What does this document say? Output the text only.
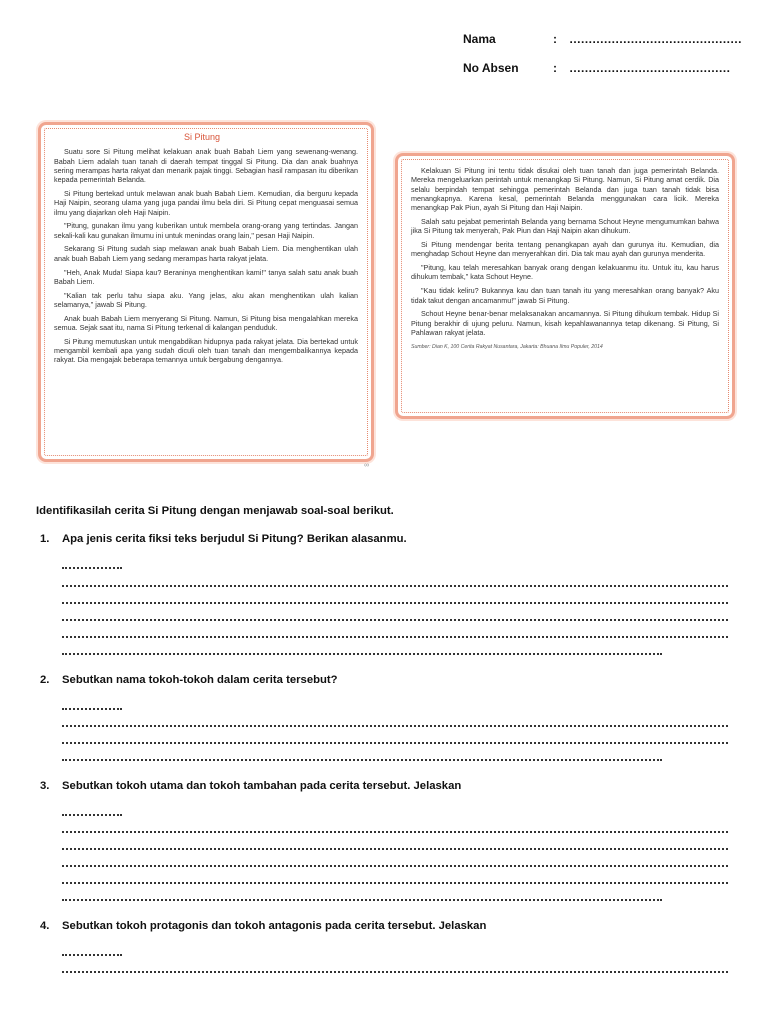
Nama	: ………………………………………
No Absen	: ……………………………………
Si Pitung

Suatu sore Si Pitung melihat kelakuan anak buah Babah Liem yang sewenang-wenang. Babah Liem adalah tuan tanah di daerah tempat tinggal Si Pitung. Dia dan anak buahnya sering merampas harta rakyat dan menarik pajak tinggi. Sebagian hasil rampasan itu diberikan kepada pemerintah Belanda.

Si Pitung bertekad untuk melawan anak buah Babah Liem. Kemudian, dia berguru kepada Haji Naipin, seorang ulama yang juga pandai ilmu bela diri. Si Pitung cepat menguasai semua ilmu yang diajarkan oleh Haji Naipin.

"Pitung, gunakan ilmu yang kuberikan untuk membela orang-orang yang tertindas. Jangan sekali-kali kau gunakan ilmumu ini untuk menindas orang lain," pesan Haji Naipin.

Sekarang Si Pitung sudah siap melawan anak buah Babah Liem. Dia menghentikan ulah anak buah Babah Liem yang sedang merampas harta rakyat jelata.

"Heh, Anak Muda! Siapa kau? Beraninya menghentikan kami!" tanya salah satu anak buah Babah Liem.

"Kalian tak perlu tahu siapa aku. Yang jelas, aku akan menghentikan ulah kalian selamanya," jawab Si Pitung.

Anak buah Babah Liem menyerang Si Pitung. Namun, Si Pitung bisa mengalahkan mereka semua. Sejak saat itu, nama Si Pitung terkenal di kalangan penduduk.

Si Pitung memutuskan untuk mengabdikan hidupnya pada rakyat jelata. Dia bertekad untuk mengambil kembali apa yang sudah diculi oleh tuan tanah dan mengembalikannya kepada rakyat. Dia mengajak beberapa temannya untuk bergabung dengannya.

∞

Kelakuan Si Pitung ini tentu tidak disukai oleh tuan tanah dan juga pemerintah Belanda. Mereka mengeluarkan perintah untuk menangkap Si Pitung. Namun, Si Pitung amat cerdik. Dia selalu berpindah tempat sehingga pemerintah Belanda dan juga tuan tanah tidak bisa menangkapnya. Karena kesal, pemerintah Belanda menggunakan cara licik. Mereka menangkap Pak Piun, ayah Si Pitung dan Haji Naipin.

Salah satu pejabat pemerintah Belanda yang bernama Schout Heyne mengumumkan bahwa jika Si Pitung tak menyerah, Pak Piun dan Haji Naipin akan dihukum.

Si Pitung mendengar berita tentang penangkapan ayah dan gurunya itu. Kemudian, dia menghadap Schout Heyne dan menyerahkan diri. Dia tak mau ayah dan gurunya menderita.

"Pitung, kau telah meresahkan banyak orang dengan kelakuanmu itu. Untuk itu, kau harus dihukum tembak," kata Schout Heyne.

"Kau tidak keliru? Bukannya kau dan tuan tanah itu yang meresahkan orang banyak? Aku tidak takut dengan ancamanmu!" jawab Si Pitung.

Schout Heyne benar-benar melaksanakan ancamannya. Si Pitung dihukum tembak. Hidup Si Pitung berakhir di ujung peluru. Namun, kisah kepahlawanannya tetap dikenang. Si Pitung, Si Pahlawan rakyat jelata.

Sumber: Dian K, 100 Cerita Rakyat Nusantara, Jakarta: Bhuana Ilmu Populer, 2014
Identifikasilah cerita Si Pitung dengan menjawab soal-soal berikut.
1. Apa jenis cerita fiksi teks berjudul Si Pitung? Berikan alasanmu.
2. Sebutkan nama tokoh-tokoh dalam cerita tersebut?
3. Sebutkan tokoh utama dan tokoh tambahan pada cerita tersebut. Jelaskan
4. Sebutkan tokoh protagonis dan tokoh antagonis pada cerita tersebut. Jelaskan
